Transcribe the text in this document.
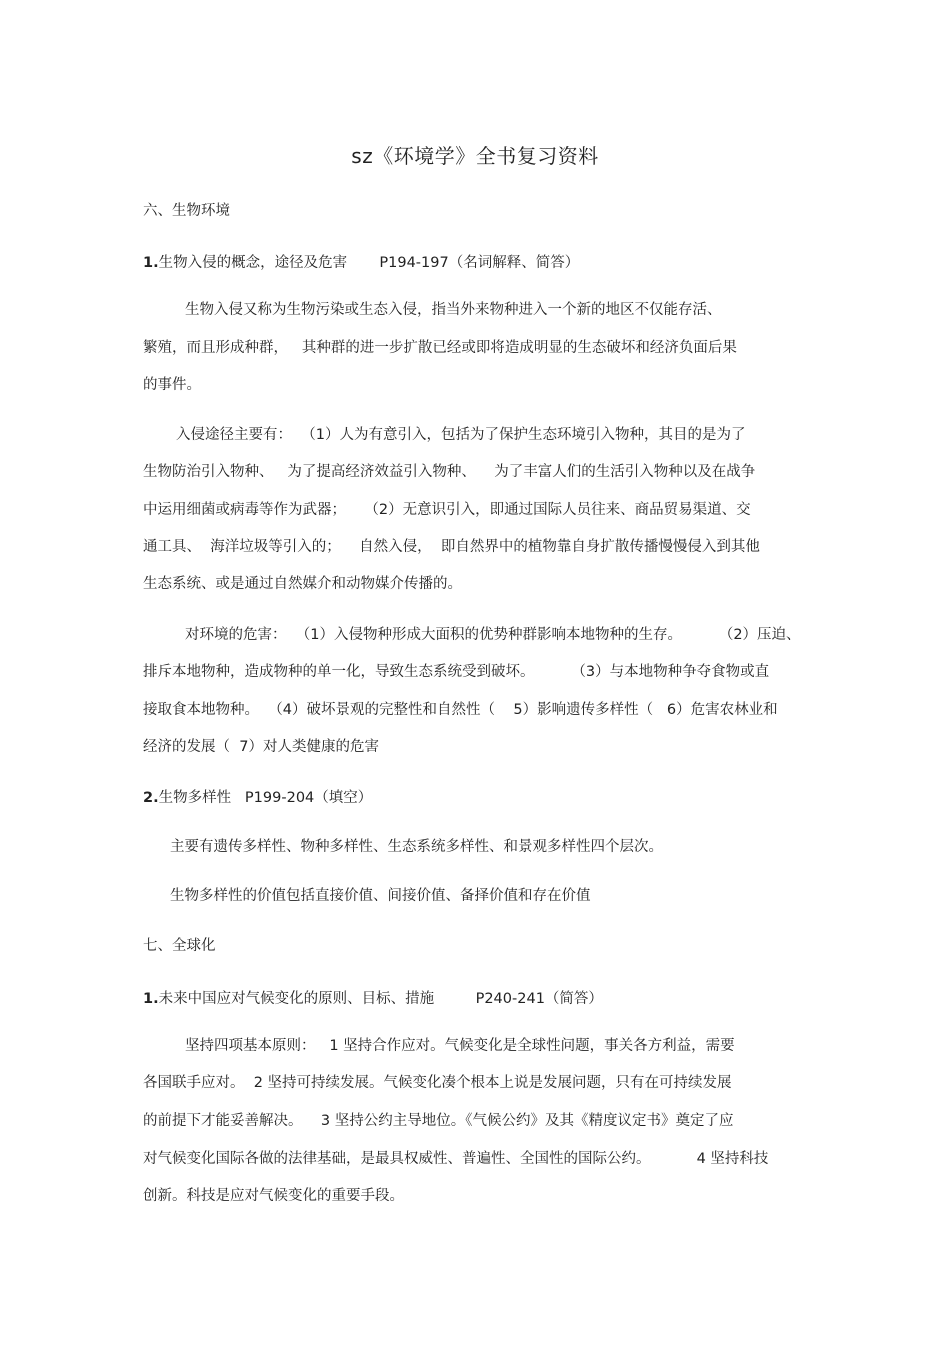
sz《环境学》全书复习资料
六、生物环境
1.生物入侵的概念，途径及危害       P194-197（名词解释、简答）
生物入侵又称为生物污染或生态入侵，指当外来物种进入一个新的地区不仅能存活、
繁殖，而且形成种群，   其种群的进一步扩散已经或即将造成明显的生态破坏和经济负面后果
的事件。
入侵途径主要有：  （1）人为有意引入，包括为了保护生态环境引入物种，其目的是为了
生物防治引入物种、   为了提高经济效益引入物种、    为了丰富人们的生活引入物种以及在战争
中运用细菌或病毒等作为武器；    （2）无意识引入，即通过国际人员往来、商品贸易渠道、交
通工具、  海洋垃圾等引入的；    自然入侵，  即自然界中的植物靠自身扩散传播慢慢侵入到其他
生态系统、或是通过自然媒介和动物媒介传播的。
对环境的危害：  （1）入侵物种形成大面积的优势种群影响本地物种的生存。        （2）压迫、
排斥本地物种，造成物种的单一化，导致生态系统受到破坏。        （3）与本地物种争夺食物或直
接取食本地物种。  （4）破坏景观的完整性和自然性（    5）影响遗传多样性（   6）危害农林业和
经济的发展（  7）对人类健康的危害
2.生物多样性   P199-204（填空）
主要有遗传多样性、物种多样性、生态系统多样性、和景观多样性四个层次。
生物多样性的价值包括直接价值、间接价值、备择价值和存在价值
七、全球化
1.未来中国应对气候变化的原则、目标、措施         P240-241（简答）
坚持四项基本原则：   1 坚持合作应对。气候变化是全球性问题，事关各方利益，需要
各国联手应对。  2 坚持可持续发展。气候变化凑个根本上说是发展问题，只有在可持续发展
的前提下才能妥善解决。    3 坚持公约主导地位。《气候公约》及其《精度议定书》奠定了应
对气候变化国际各做的法律基础，是最具权威性、普遍性、全国性的国际公约。          4 坚持科技
创新。科技是应对气候变化的重要手段。
